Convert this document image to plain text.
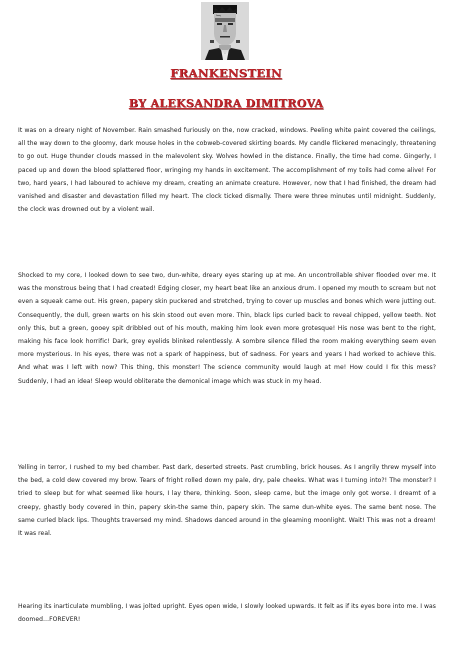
FRANKENSTEIN
BY ALEKSANDRA DIMITROVA

It was on a dreary night of November. Rain smashed furiously on the, now cracked, windows. Peeling white paint covered the ceilings, all the way down to the gloomy, dark mouse holes in the cobweb-covered skirting boards. My candle flickered menacingly, threatening to go out. Huge thunder clouds massed in the malevolent sky. Wolves howled in the distance. Finally, the time had come. Gingerly, I paced up and down the blood splattered floor, wringing my hands in excitement. The accomplishment of my toils had come alive! For two, hard years, I had laboured to achieve my dream, creating an animate creature. However, now that I had finished, the dream had vanished and disaster and devastation filled my heart. The clock ticked dismally. There were three minutes until midnight. Suddenly, the clock was drowned out by a violent wail.

Shocked to my core, I looked down to see two, dun-white, dreary eyes staring up at me. An uncontrollable shiver flooded over me. It was the monstrous being that I had created! Edging closer, my heart beat like an anxious drum. I opened my mouth to scream but not even a squeak came out. His green, papery skin puckered and stretched, trying to cover up muscles and bones which were jutting out. Consequently, the dull, green warts on his skin stood out even more. Thin, black lips curled back to reveal chipped, yellow teeth. Not only this, but a green, gooey spit dribbled out of his mouth, making him look even more grotesque! His nose was bent to the right, making his face look horrific! Dark, grey eyelids blinked relentlessly. A sombre silence filled the room making everything seem even more mysterious. In his eyes, there was not a spark of happiness, but of sadness. For years and years I had worked to achieve this. And what was I left with now? This thing, this monster! The science community would laugh at me! How could I fix this mess? Suddenly, I had an idea! Sleep would obliterate the demonical image which was stuck in my head.

Yelling in terror, I rushed to my bed chamber. Past dark, deserted streets. Past crumbling, brick houses. As I angrily threw myself into the bed, a cold dew covered my brow. Tears of fright rolled down my pale, dry, pale cheeks. What was I turning into?! The monster? I tried to sleep but for what seemed like hours, I lay there, thinking. Soon, sleep came, but the image only got worse. I dreamt of a creepy, ghastly body covered in thin, papery skin-the same thin, papery skin. The same dun-white eyes. The same bent nose. The same curled black lips. Thoughts traversed my mind. Shadows danced around in the gleaming moonlight. Wait! This was not a dream! It was real.

Hearing its inarticulate mumbling, I was jolted upright. Eyes open wide, I slowly looked upwards. It felt as if its eyes bore into me. I was doomed…FOREVER!
